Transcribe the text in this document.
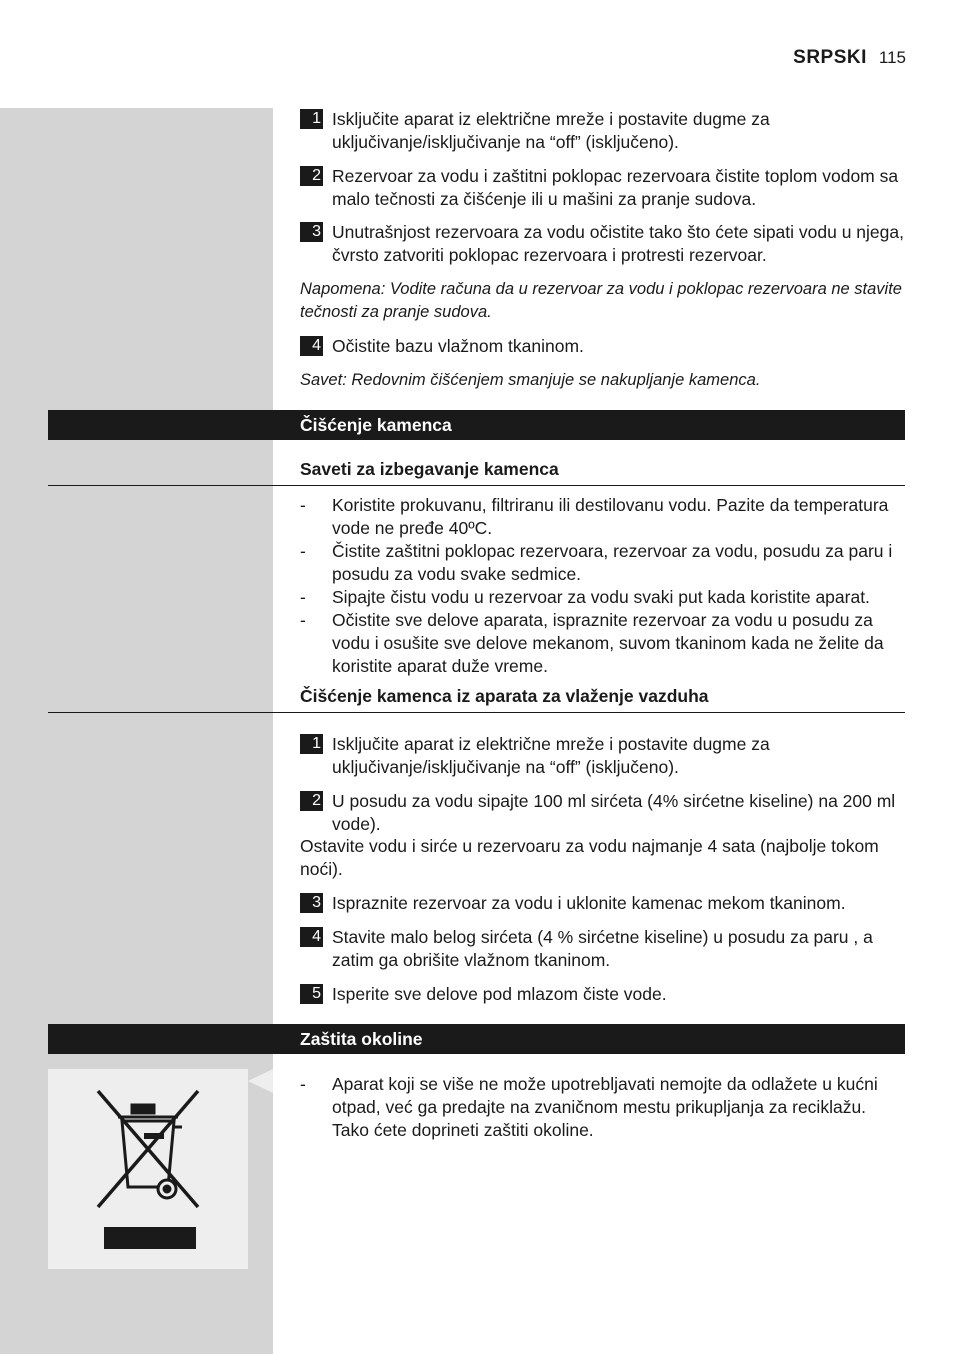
SRPSKI 115
1 Isključite aparat iz električne mreže i postavite dugme za uključivanje/isključivanje na “off” (isključeno).
2 Rezervoar za vodu i zaštitni poklopac rezervoara čistite toplom vodom sa malo tečnosti za čišćenje ili u mašini za pranje sudova.
3 Unutrašnjost rezervoara za vodu očistite tako što ćete sipati vodu u njega, čvrsto zatvoriti poklopac rezervoara i protresti rezervoar.
Napomena: Vodite računa da u rezervoar za vodu i poklopac rezervoara ne stavite tečnosti za pranje sudova.
4 Očistite bazu vlažnom tkaninom.
Savet: Redovnim čišćenjem smanjuje se nakupljanje kamenca.
Čišćenje kamenca
Saveti za izbegavanje kamenca
- Koristite prokuvanu, filtriranu ili destilovanu vodu. Pazite da temperatura vode ne pređe 40ºC.
- Čistite zaštitni poklopac rezervoara, rezervoar za vodu, posudu za paru i posudu za vodu svake sedmice.
- Sipajte čistu vodu u rezervoar za vodu svaki put kada koristite aparat.
- Očistite sve delove aparata, ispraznite rezervoar za vodu u posudu za vodu i osušite sve delove mekanom, suvom tkaninom kada ne želite da koristite aparat duže vreme.
Čišćenje kamenca iz aparata za vlaženje vazduha
1 Isključite aparat iz električne mreže i postavite dugme za uključivanje/isključivanje na “off” (isključeno).
2 U posudu za vodu sipajte 100 ml sirćeta (4% sirćetne kiseline) na 200 ml vode).
Ostavite vodu i sirće u rezervoaru za vodu najmanje 4 sata (najbolje tokom noći).
3 Ispraznite rezervoar za vodu i uklonite kamenac mekom tkaninom.
4 Stavite malo belog sirćeta (4 % sirćetne kiseline) u posudu za paru , a zatim ga obrišite vlažnom tkaninom.
5 Isperite sve delove pod mlazom čiste vode.
Zaštita okoline
- Aparat koji se više ne može upotrebljavati nemojte da odlažete u kućni otpad, već ga predajte na zvaničnom mestu prikupljanja za reciklažu. Tako ćete doprineti zaštiti okoline.
